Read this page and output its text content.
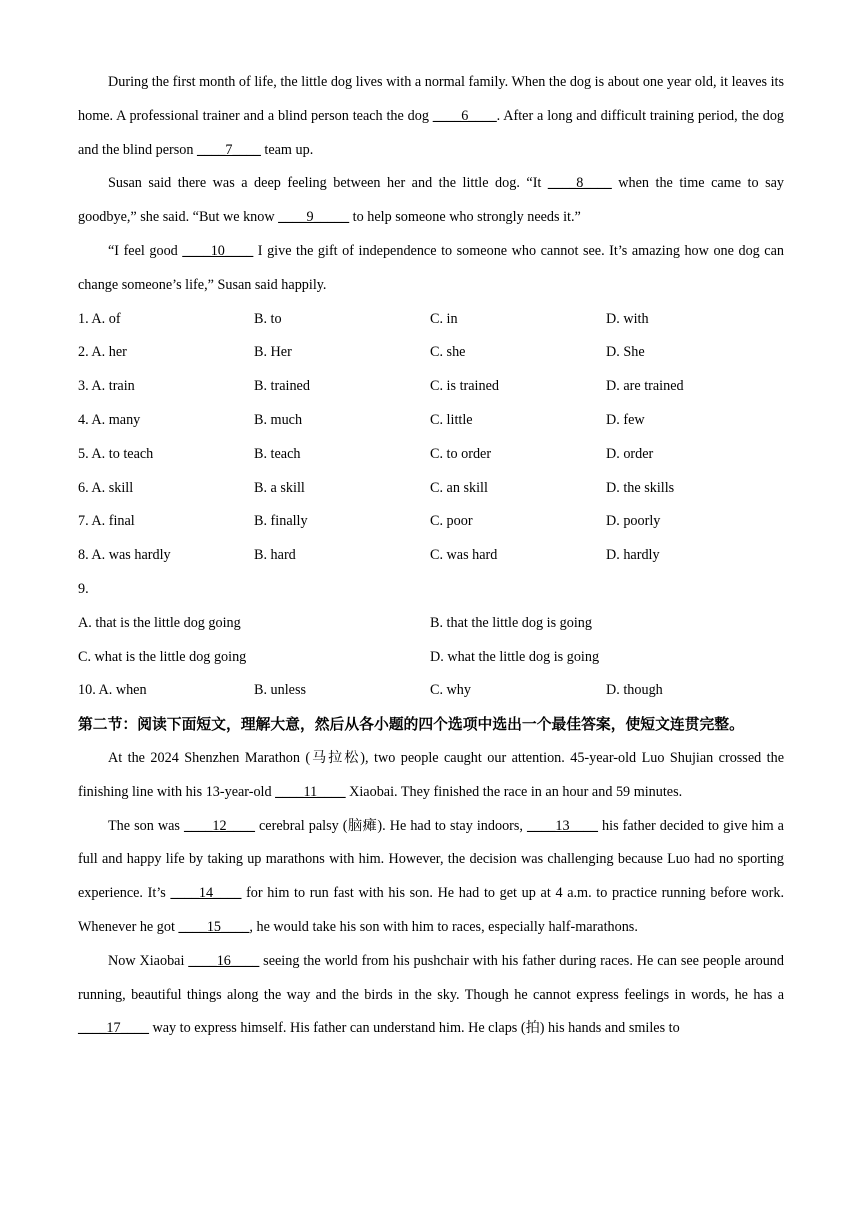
During the first month of life, the little dog lives with a normal family. When the dog is about one year old, it leaves its home. A professional trainer and a blind person teach the dog ____6____. After a long and difficult training period, the dog and the blind person ____7____ team up.

Susan said there was a deep feeling between her and the little dog. “It ____8____ when the time came to say goodbye,” she said. “But we know ____9_____ to help someone who strongly needs it.”

“I feel good ____10____ I give the gift of independence to someone who cannot see. It’s amazing how one dog can change someone’s life,” Susan said happily.

1. A. of	B. to	C. in	D. with
2. A. her	B. Her	C. she	D. She
3. A. train	B. trained	C. is trained	D. are trained
4. A. many	B. much	C. little	D. few
5. A. to teach	B. teach	C. to order	D. order
6. A. skill	B. a skill	C. an skill	D. the skills
7. A. final	B. finally	C. poor	D. poorly
8. A. was hardly	B. hard	C. was hard	D. hardly
9.
A. that is the little dog going	B. that the little dog is going
C. what is the little dog going	D. what the little dog is going
10. A. when	B. unless	C. why	D. though

第二节：阅读下面短文，理解大意，然后从各小题的四个选项中选出一个最佳答案，使短文连贯完整。

At the 2024 Shenzhen Marathon (马拉松), two people caught our attention. 45-year-old Luo Shujian crossed the finishing line with his 13-year-old ____11____ Xiaobai. They finished the race in an hour and 59 minutes.

The son was ____12____ cerebral palsy (脑瘫). He had to stay indoors, ____13____ his father decided to give him a full and happy life by taking up marathons with him. However, the decision was challenging because Luo had no sporting experience. It’s ____14____ for him to run fast with his son. He had to get up at 4 a.m. to practice running before work. Whenever he got ____15____, he would take his son with him to races, especially half-marathons.

Now Xiaobai ____16____ seeing the world from his pushchair with his father during races. He can see people around running, beautiful things along the way and the birds in the sky. Though he cannot express feelings in words, he has a ____17____ way to express himself. His father can understand him. He claps (拍) his hands and smiles to
